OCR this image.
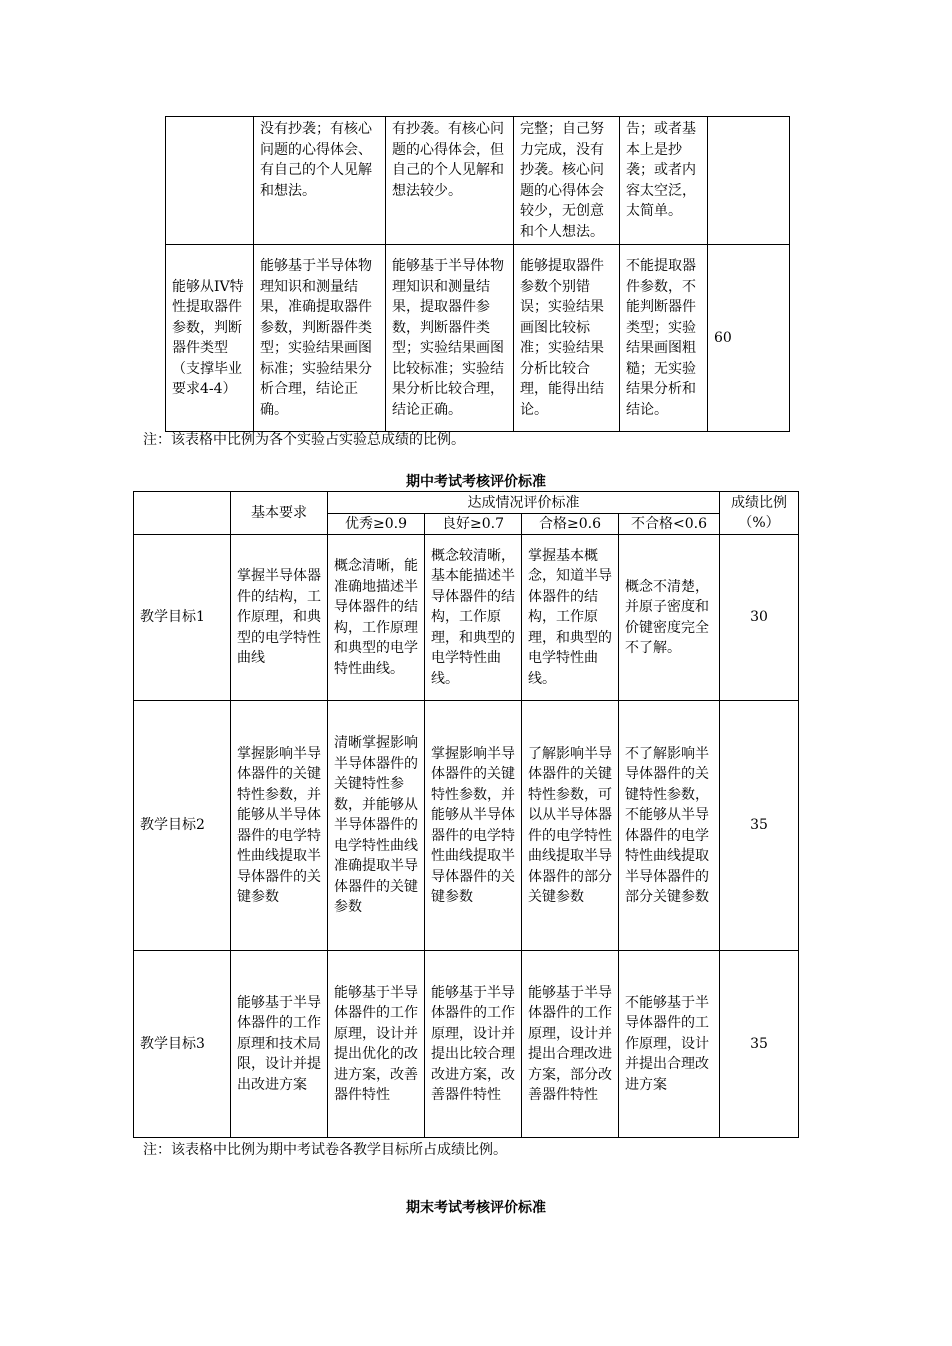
	没有抄袭；有核心问题的心得体会、有自己的个人见解和想法。	有抄袭。有核心问题的心得体会，但自己的个人见解和想法较少。	完整；自己努力完成，没有抄袭。核心问题的心得体会较少，无创意和个人想法。	告；或者基本上是抄袭；或者内容太空泛，太简单。	
能够从IV特性提取器件参数，判断器件类型（支撑毕业要求4-4）	能够基于半导体物理知识和测量结果，准确提取器件参数，判断器件类型；实验结果画图标准；实验结果分析合理，结论正确。	能够基于半导体物理知识和测量结果，提取器件参数，判断器件类型；实验结果画图比较标准；实验结果分析比较合理，结论正确。	能够提取器件参数个别错误；实验结果画图比较标准；实验结果分析比较合理，能得出结论。	不能提取器件参数，不能判断器件类型；实验结果画图粗糙；无实验结果分析和结论。	60
注：该表格中比例为各个实验占实验总成绩的比例。
期中考试考核评价标准
	基本要求	达成情况评价标准				成绩比例（%）
		优秀≥0.9	良好≥0.7	合格≥0.6	不合格<0.6	
教学目标1	掌握半导体器件的结构，工作原理，和典型的电学特性曲线	概念清晰，能准确地描述半导体器件的结构，工作原理和典型的电学特性曲线。	概念较清晰，基本能描述半导体器件的结构，工作原理，和典型的电学特性曲线。	掌握基本概念，知道半导体器件的结构，工作原理，和典型的电学特性曲线。	概念不清楚，并原子密度和价键密度完全不了解。	30
教学目标2	掌握影响半导体器件的关键特性参数，并能够从半导体器件的电学特性曲线提取半导体器件的关键参数	清晰掌握影响半导体器件的关键特性参数，并能够从半导体器件的电学特性曲线准确提取半导体器件的关键参数	掌握影响半导体器件的关键特性参数，并能够从半导体器件的电学特性曲线提取半导体器件的关键参数	了解影响半导体器件的关键特性参数，可以从半导体器件的电学特性曲线提取半导体器件的部分关键参数	不了解影响半导体器件的关键特性参数，不能够从半导体器件的电学特性曲线提取半导体器件的部分关键参数	35
教学目标3	能够基于半导体器件的工作原理和技术局限，设计并提出改进方案	能够基于半导体器件的工作原理，设计并提出优化的改进方案，改善器件特性	能够基于半导体器件的工作原理，设计并提出比较合理改进方案，改善器件特性	能够基于半导体器件的工作原理，设计并提出合理改进方案，部分改善器件特性	不能够基于半导体器件的工作原理，设计并提出合理改进方案	35
注：该表格中比例为期中考试卷各教学目标所占成绩比例。
期末考试考核评价标准
